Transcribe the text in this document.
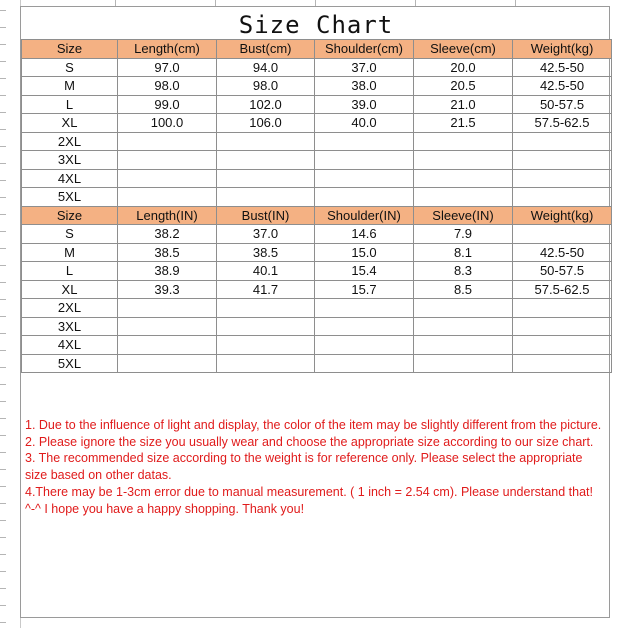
Size Chart
Size	Length(cm)	Bust(cm)	Shoulder(cm)	Sleeve(cm)	Weight(kg)
S	97.0	94.0	37.0	20.0	42.5-50
M	98.0	98.0	38.0	20.5	42.5-50
L	99.0	102.0	39.0	21.0	50-57.5
XL	100.0	106.0	40.0	21.5	57.5-62.5
2XL					
3XL					
4XL					
5XL					
Size	Length(IN)	Bust(IN)	Shoulder(IN)	Sleeve(IN)	Weight(kg)
S	38.2	37.0	14.6	7.9	
M	38.5	38.5	15.0	8.1	42.5-50
L	38.9	40.1	15.4	8.3	50-57.5
XL	39.3	41.7	15.7	8.5	57.5-62.5
2XL					
3XL					
4XL					
5XL					

1. Due to the influence of light and display, the color of the item may be slightly different from the picture.

2. Please ignore the size you usually wear and choose the appropriate size according to our size chart.

3. The recommended size according to the weight is for reference only. Please select the appropriate size based on other datas.

4.There may be 1-3cm error due to manual measurement. ( 1 inch = 2.54 cm). Please understand that!

^-^ I hope you have a happy shopping. Thank you!
